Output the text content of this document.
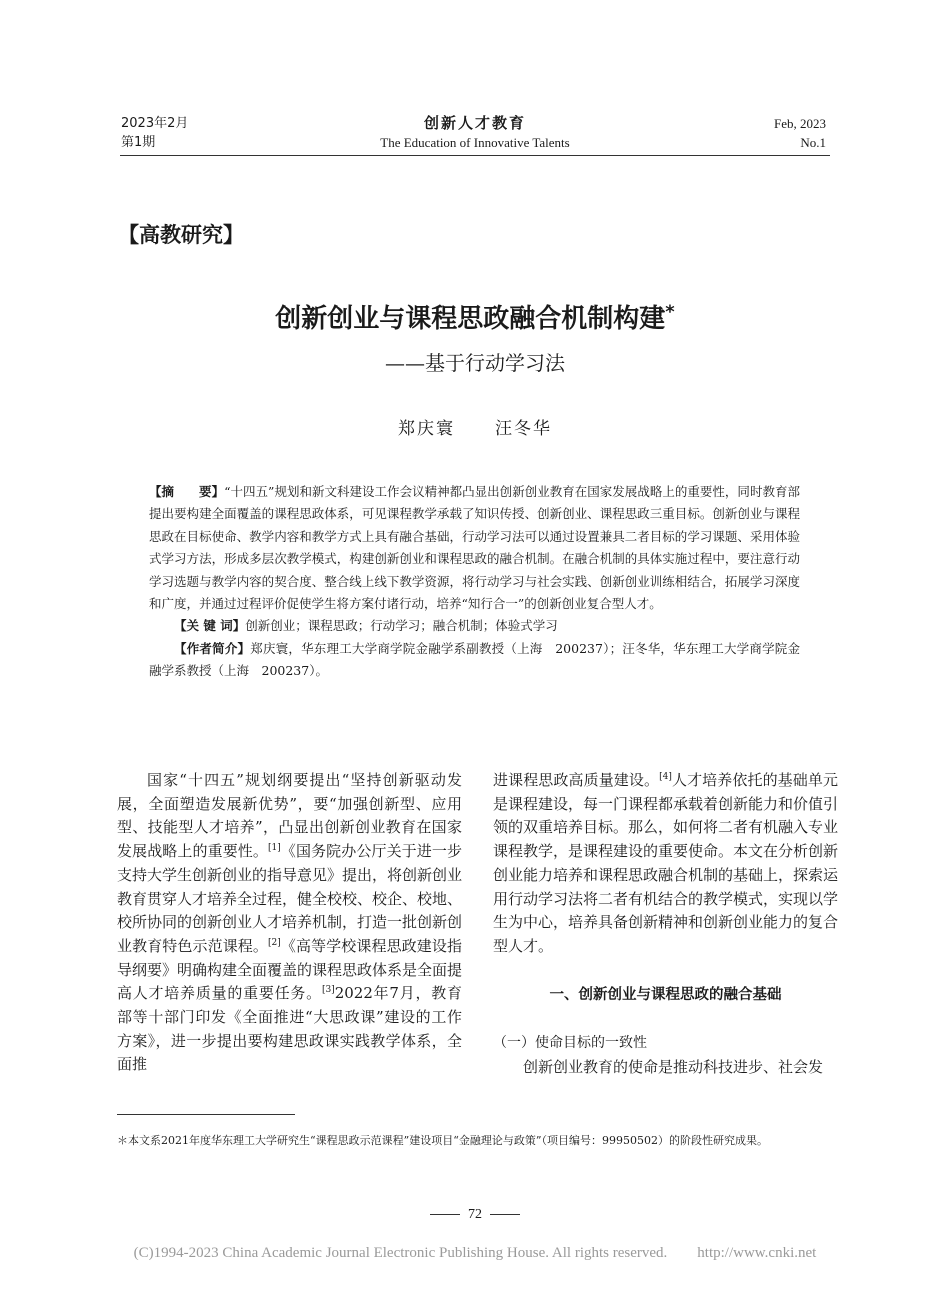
2023年2月
第1期
创新人才教育
The Education of Innovative Talents
Feb, 2023
No.1
【高教研究】
创新创业与课程思政融合机制构建*
——基于行动学习法
郑庆寰 汪冬华

【摘　　要】“十四五”规划和新文科建设工作会议精神都凸显出创新创业教育在国家发展战略上的重要性，同时教育部提出要构建全面覆盖的课程思政体系，可见课程教学承载了知识传授、创新创业、课程思政三重目标。创新创业与课程思政在目标使命、教学内容和教学方式上具有融合基础，行动学习法可以通过设置兼具二者目标的学习课题、采用体验式学习方法，形成多层次教学模式，构建创新创业和课程思政的融合机制。在融合机制的具体实施过程中，要注意行动学习选题与教学内容的契合度、整合线上线下教学资源，将行动学习与社会实践、创新创业训练相结合，拓展学习深度和广度，并通过过程评价促使学生将方案付诸行动，培养“知行合一”的创新创业复合型人才。

【关 键 词】创新创业；课程思政；行动学习；融合机制；体验式学习

【作者简介】郑庆寰，华东理工大学商学院金融学系副教授（上海　200237）；汪冬华，华东理工大学商学院金融学系教授（上海　200237）。

国家“十四五”规划纲要提出“坚持创新驱动发展，全面塑造发展新优势”，要“加强创新型、应用型、技能型人才培养”，凸显出创新创业教育在国家发展战略上的重要性。[1]《国务院办公厅关于进一步支持大学生创新创业的指导意见》提出，将创新创业教育贯穿人才培养全过程，健全校校、校企、校地、校所协同的创新创业人才培养机制，打造一批创新创业教育特色示范课程。[2]《高等学校课程思政建设指导纲要》明确构建全面覆盖的课程思政体系是全面提高人才培养质量的重要任务。[3]2022年7月，教育部等十部门印发《全面推进“大思政课”建设的工作方案》，进一步提出要构建思政课实践教学体系，全面推

进课程思政高质量建设。[4]人才培养依托的基础单元是课程建设，每一门课程都承载着创新能力和价值引领的双重培养目标。那么，如何将二者有机融入专业课程教学，是课程建设的重要使命。本文在分析创新创业能力培养和课程思政融合机制的基础上，探索运用行动学习法将二者有机结合的教学模式，实现以学生为中心，培养具备创新精神和创新创业能力的复合型人才。

一、创新创业与课程思政的融合基础

（一）使命目标的一致性

创新创业教育的使命是推动科技进步、社会发

＊本文系2021年度华东理工大学研究生“课程思政示范课程”建设项目“金融理论与政策”（项目编号：99950502）的阶段性研究成果。
72
(C)1994-2023 China Academic Journal Electronic Publishing House. All rights reserved.　　http://www.cnki.net
